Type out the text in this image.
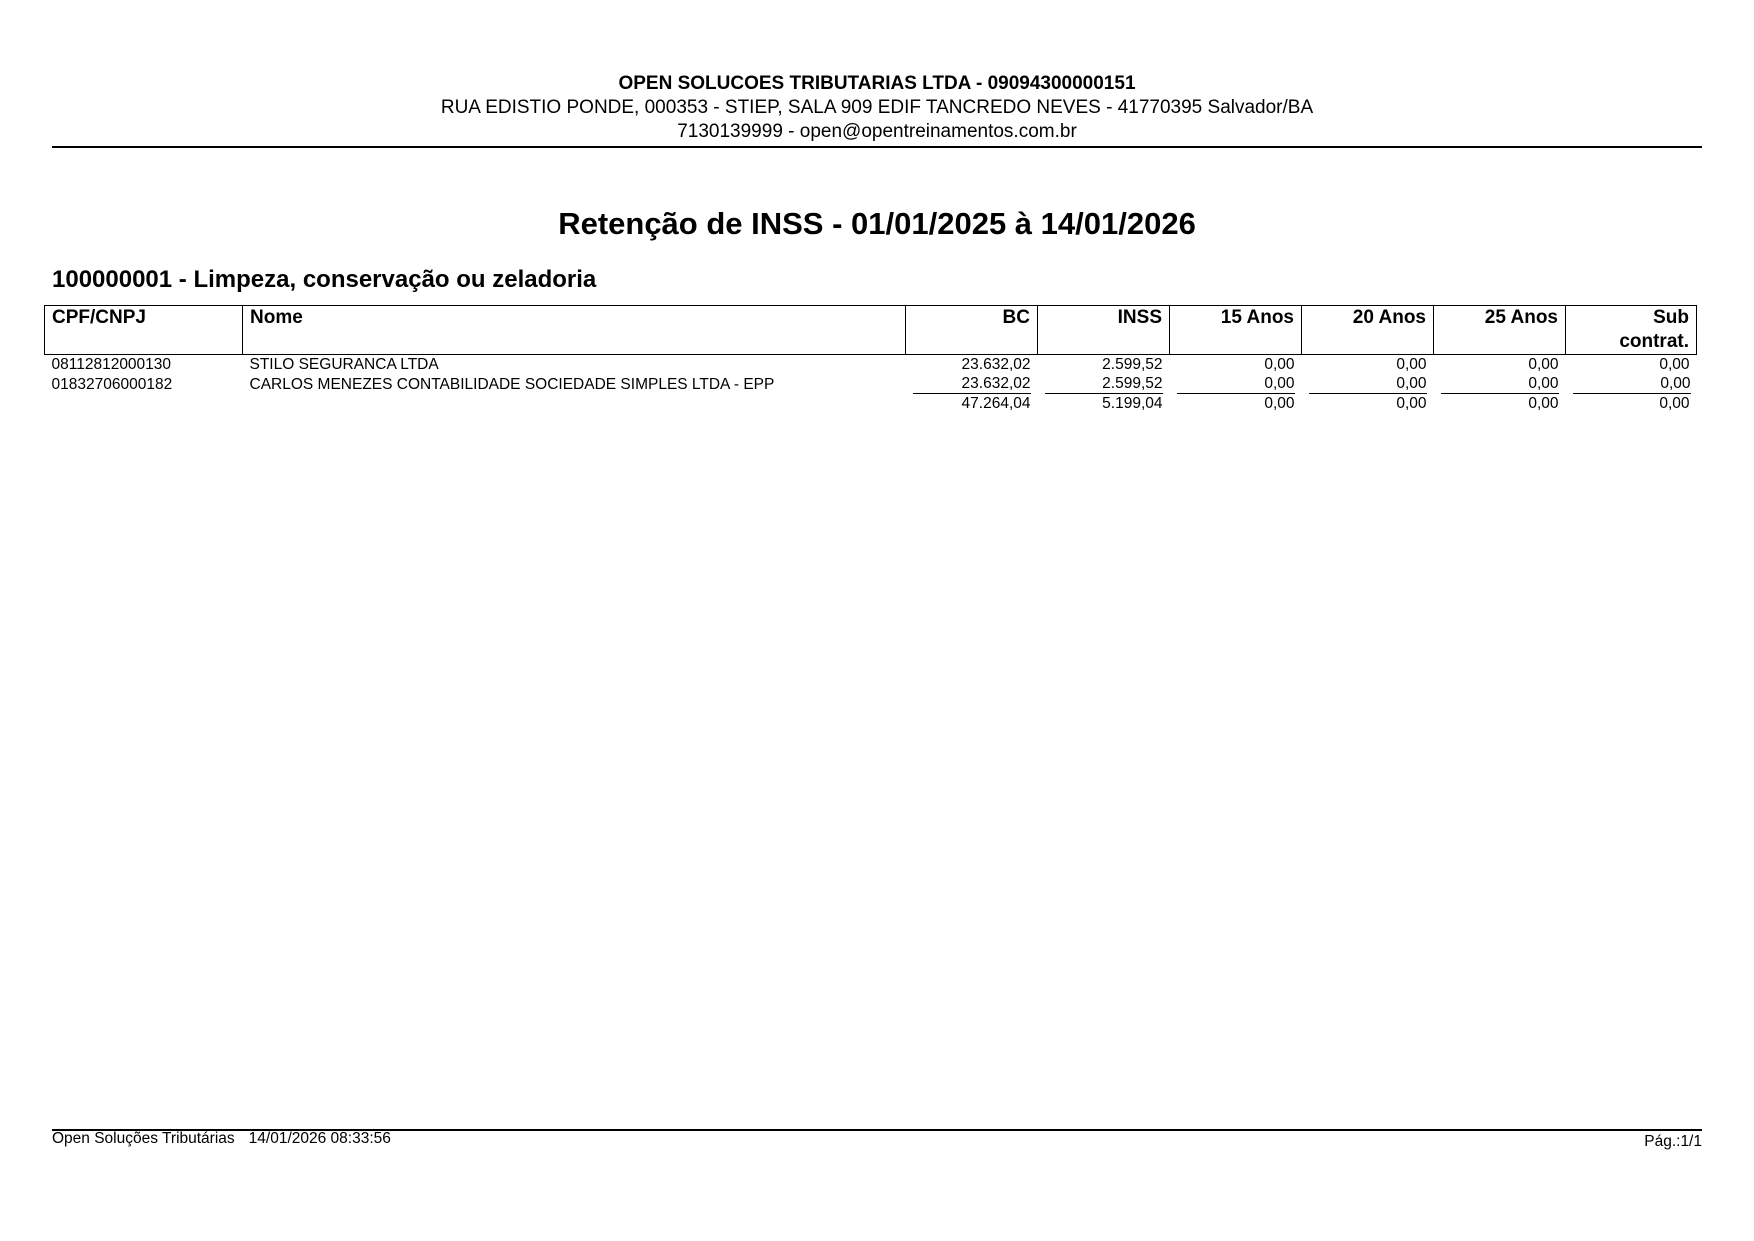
OPEN SOLUCOES TRIBUTARIAS LTDA - 09094300000151
RUA EDISTIO PONDE, 000353 - STIEP, SALA 909 EDIF TANCREDO NEVES - 41770395 Salvador/BA
7130139999 - open@opentreinamentos.com.br
Retenção de INSS - 01/01/2025 à 14/01/2026
100000001 - Limpeza, conservação ou zeladoria
CPF/CNPJ	Nome	BC	INSS	15 Anos	20 Anos	25 Anos	Sub
contrat.
08112812000130	STILO SEGURANCA LTDA	23.632,02	2.599,52	0,00	0,00	0,00	0,00
01832706000182	CARLOS MENEZES CONTABILIDADE SOCIEDADE SIMPLES LTDA - EPP	23.632,02	2.599,52	0,00	0,00	0,00	0,00
		47.264,04	5.199,04	0,00	0,00	0,00	0,00
Open Soluções Tributárias 14/01/2026 08:33:56	Pág.:1/1
